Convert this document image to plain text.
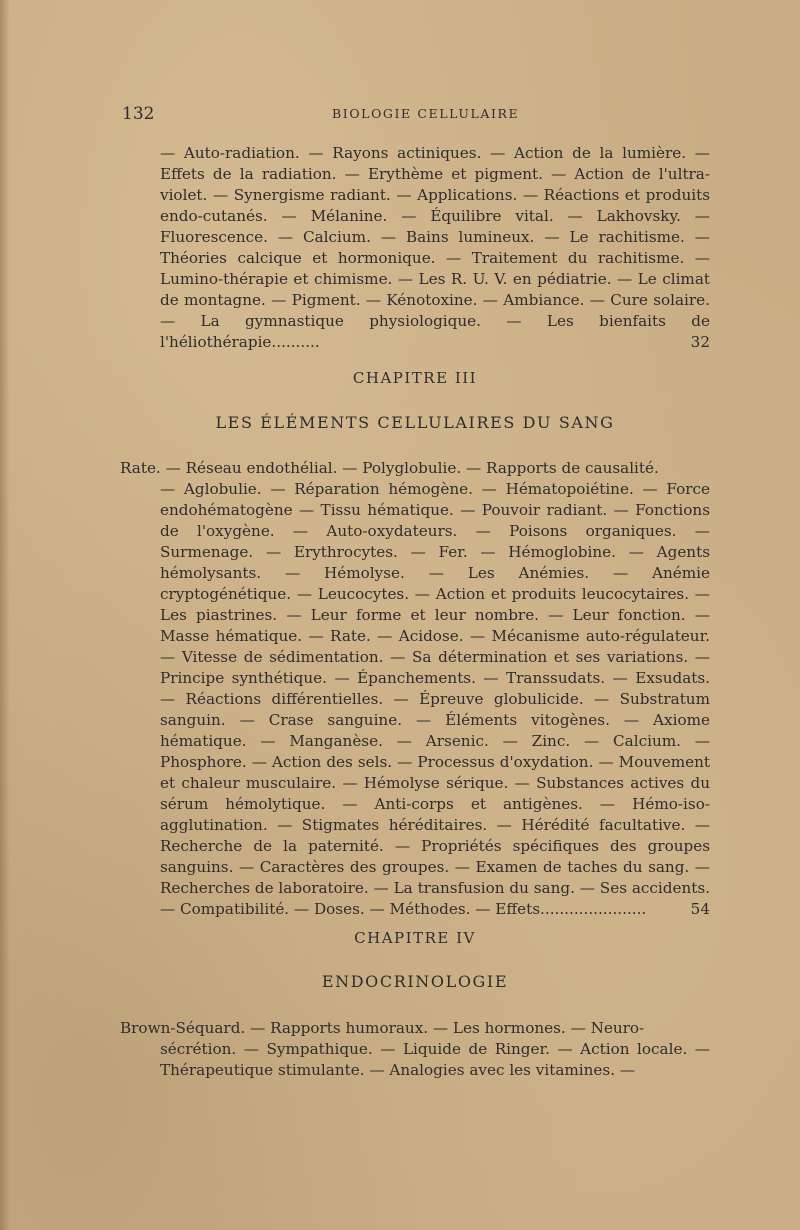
132	BIOLOGIE CELLULAIRE

— Auto-radiation. — Rayons actiniques. — Action de la lumière. — Effets de la radiation. — Erythème et pigment. — Action de l'ultra-violet. — Synergisme radiant. — Applications. — Réactions et produits endo-cutanés. — Mélanine. — Équilibre vital. — Lakhovsky. — Fluorescence. — Calcium. — Bains lumineux. — Le rachitisme. — Théories calcique et hormonique. — Traitement du rachitisme. — Lumino-thérapie et chimisme. — Les R. U. V. en pédiatrie. — Le climat de montagne. — Pigment. — Kénotoxine. — Ambiance. — Cure solaire. — La gymnastique physiologique. — Les bienfaits de l'héliothérapie..........	32

CHAPITRE III
LES ÉLÉMENTS CELLULAIRES DU SANG

Rate. — Réseau endothélial. — Polyglobulie. — Rapports de causalité.

— Aglobulie. — Réparation hémogène. — Hématopoiétine. — Force endohématogène — Tissu hématique. — Pouvoir radiant. — Fonctions de l'oxygène. — Auto-oxydateurs. — Poisons organiques. — Surmenage. — Erythrocytes. — Fer. — Hémoglobine. — Agents hémolysants. — Hémolyse. — Les Anémies. — Anémie cryptogénétique. — Leucocytes. — Action et produits leucocytaires. — Les piastrines. — Leur forme et leur nombre. — Leur fonction. — Masse hématique. — Rate. — Acidose. — Mécanisme auto-régulateur. — Vitesse de sédimentation. — Sa détermination et ses variations. — Principe synthétique. — Épanchements. — Transsudats. — Exsudats. — Réactions différentielles. — Épreuve globulicide. — Substratum sanguin. — Crase sanguine. — Éléments vitogènes. — Axiome hématique. — Manganèse. — Arsenic. — Zinc. — Calcium. — Phosphore. — Action des sels. — Processus d'oxydation. — Mouvement et chaleur musculaire. — Hémolyse sérique. — Substances actives du sérum hémolytique. — Anti-corps et antigènes. — Hémo-iso-agglutination. — Stigmates héréditaires. — Hérédité facultative. — Recherche de la paternité. — Propriétés spécifiques des groupes sanguins. — Caractères des groupes. — Examen de taches du sang. — Recherches de laboratoire. — La transfusion du sang. — Ses accidents. — Compatibilité. — Doses. — Méthodes. — Effets......................	54

CHAPITRE IV
ENDOCRINOLOGIE

Brown-Séquard. — Rapports humoraux. — Les hormones. — Neuro-

sécrétion. — Sympathique. — Liquide de Ringer. — Action locale. — Thérapeutique stimulante. — Analogies avec les vitamines. —
